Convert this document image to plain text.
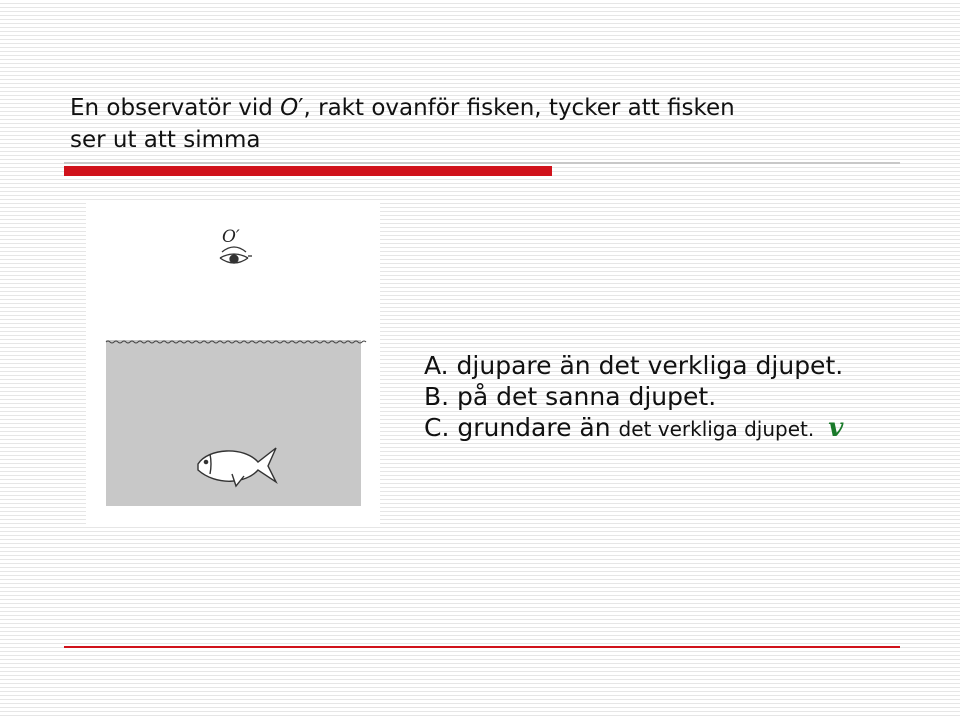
En observatör vid O′, rakt ovanför fisken, tycker att fisken
ser ut att simma
O′
A. djupare än det verkliga djupet.
B. på det sanna djupet.
C. grundare än det verkliga djupet. v
